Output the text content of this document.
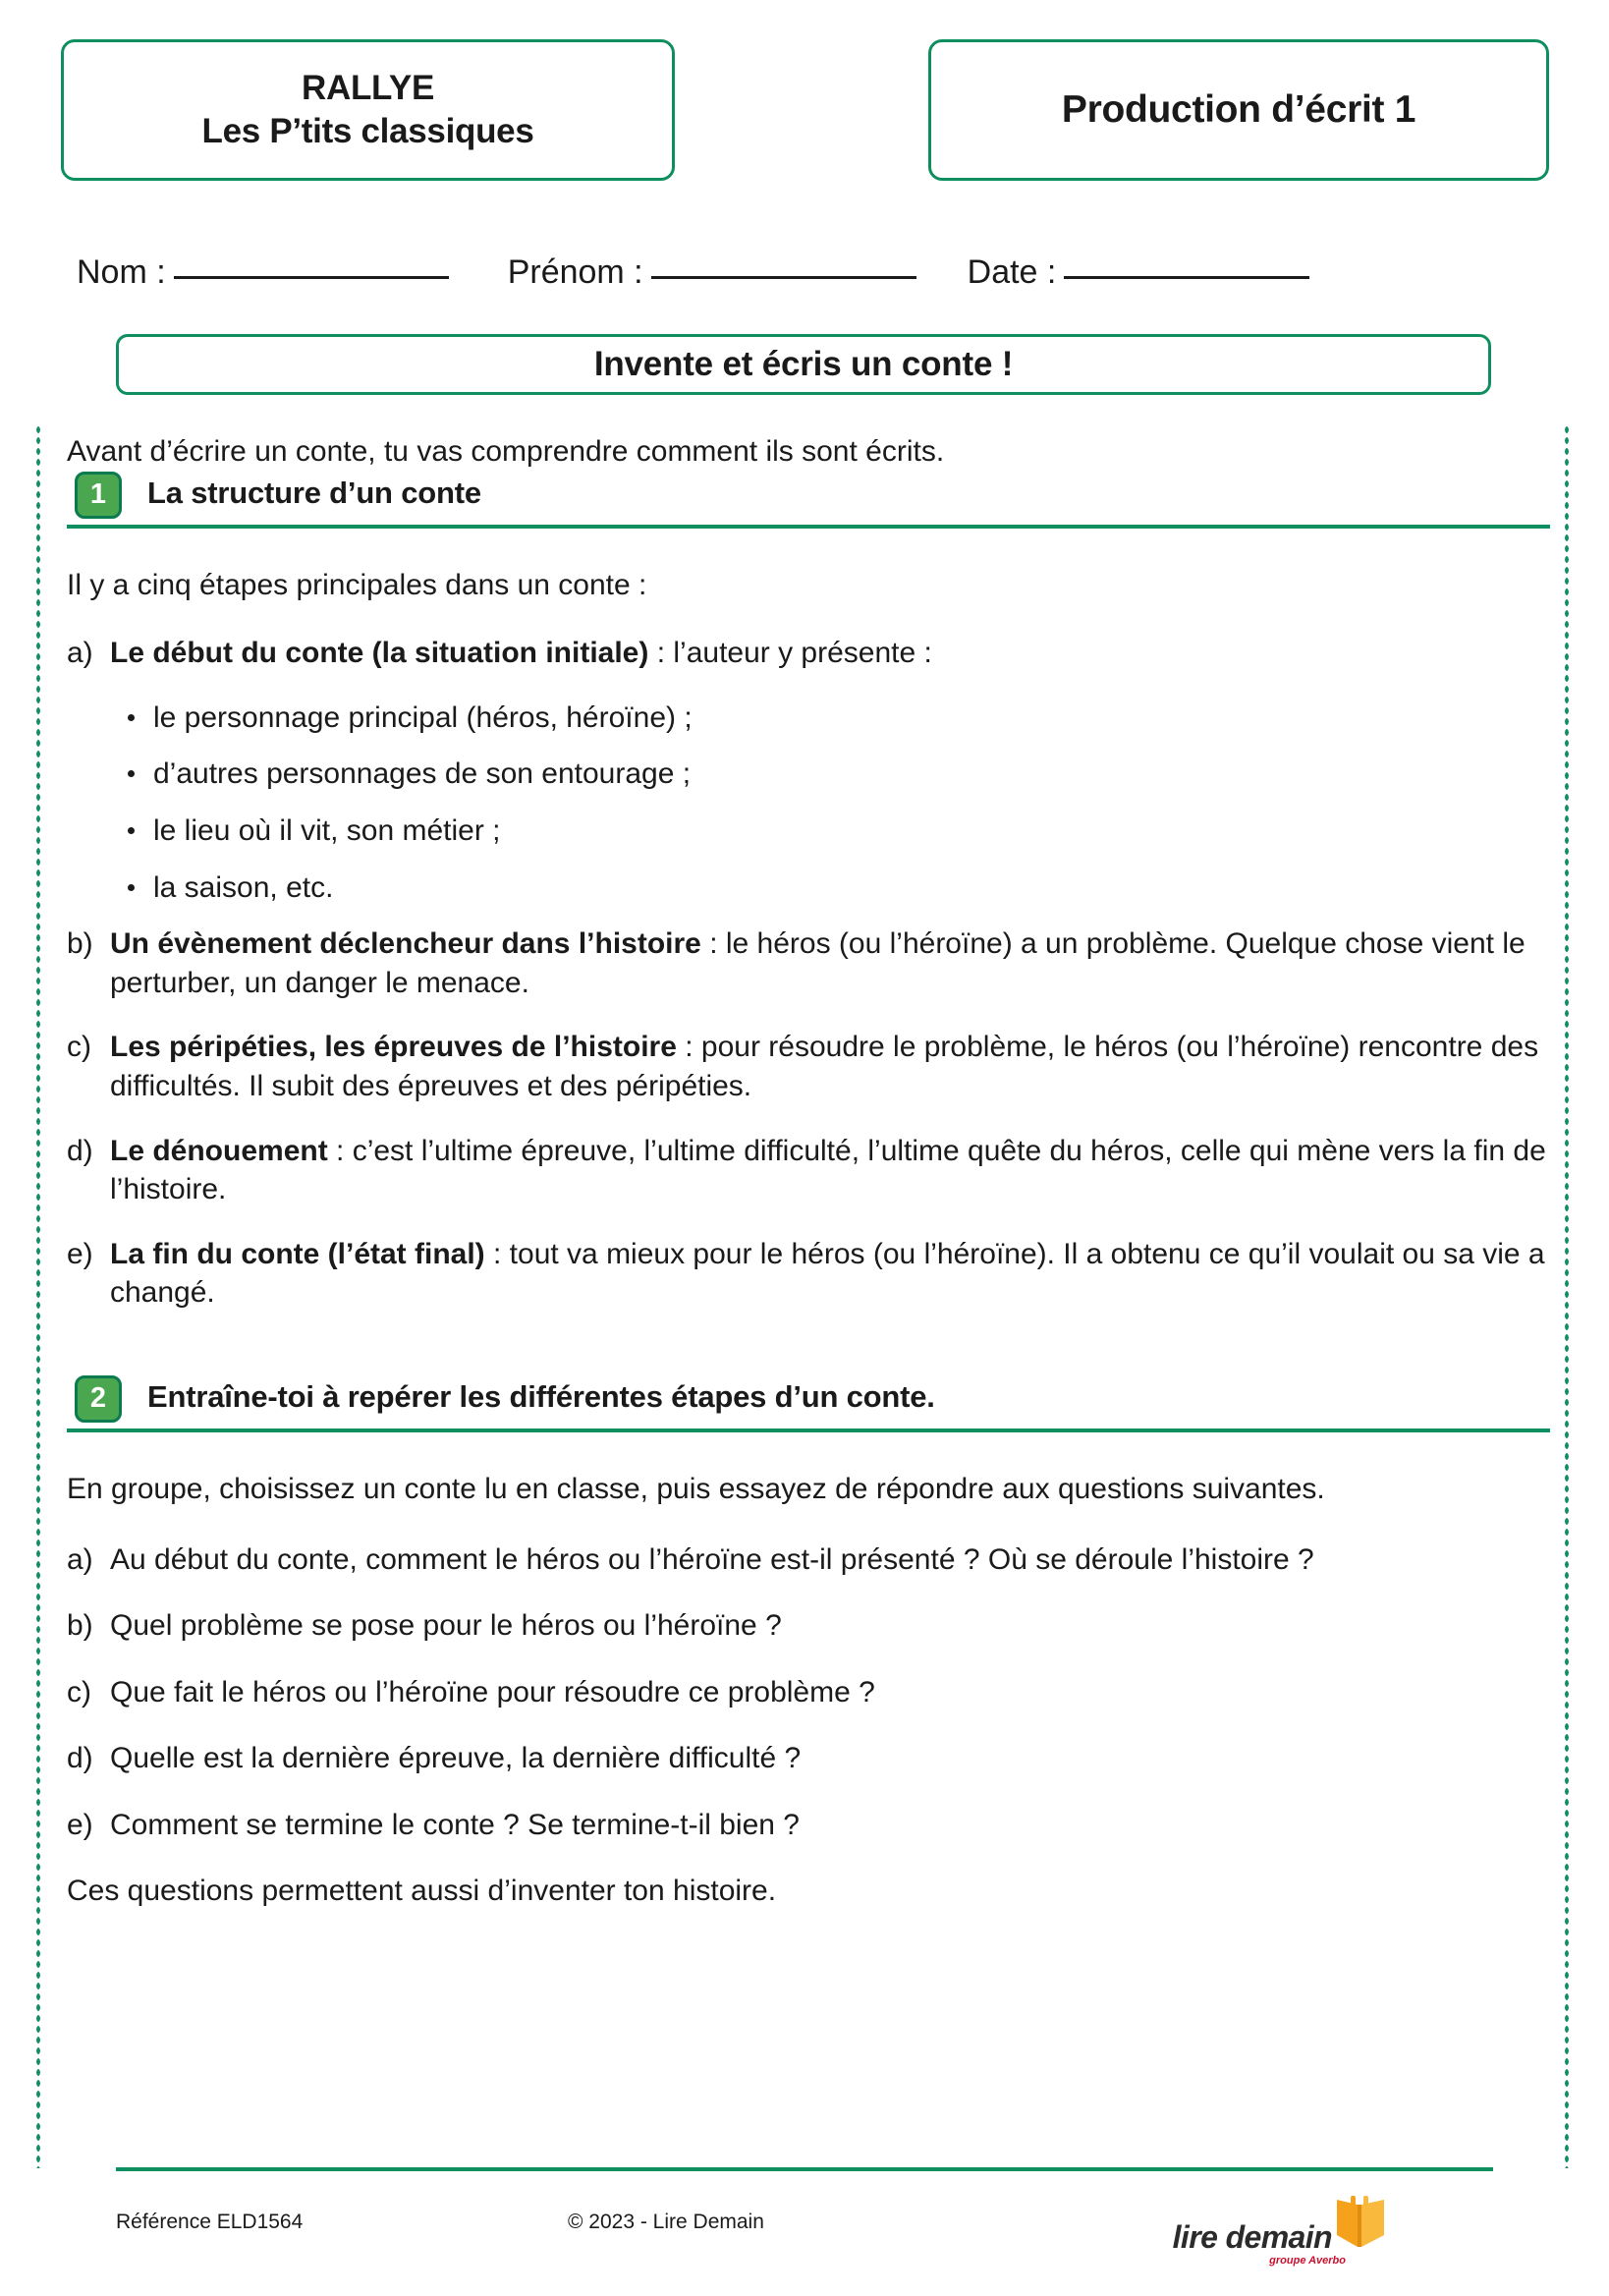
RALLYE
Les P’tits classiques
Production d’écrit 1
Nom :	Prénom :	Date :
Invente et écris un conte !

Avant d’écrire un conte, tu vas comprendre comment ils sont écrits.

1	La structure d’un conte

Il y a cinq étapes principales dans un conte :

a) Le début du conte (la situation initiale) : l’auteur y présente :
le personnage principal (héros, héroïne) ;
d’autres personnages de son entourage ;
le lieu où il vit, son métier ;
la saison, etc.
b) Un évènement déclencheur dans l’histoire : le héros (ou l’héroïne) a un problème. Quelque chose vient le perturber, un danger le menace.
c) Les péripéties, les épreuves de l’histoire : pour résoudre le problème, le héros (ou l’héroïne) rencontre des difficultés. Il subit des épreuves et des péripéties.
d) Le dénouement : c’est l’ultime épreuve, l’ultime difficulté, l’ultime quête du héros, celle qui mène vers la fin de l’histoire.
e) La fin du conte (l’état final) : tout va mieux pour le héros (ou l’héroïne). Il a obtenu ce qu’il voulait ou sa vie a changé.
2	Entraîne-toi à repérer les différentes étapes d’un conte.

En groupe, choisissez un conte lu en classe, puis essayez de répondre aux questions suivantes.

a) Au début du conte, comment le héros ou l’héroïne est-il présenté ? Où se déroule l’histoire ?
b) Quel problème se pose pour le héros ou l’héroïne ?
c) Que fait le héros ou l’héroïne pour résoudre ce problème ?
d) Quelle est la dernière épreuve, la dernière difficulté ?
e) Comment se termine le conte ? Se termine-t-il bien ?

Ces questions permettent aussi d’inventer ton histoire.

Référence ELD1564	© 2023 - Lire Demain	lire demain
groupe Averbo
